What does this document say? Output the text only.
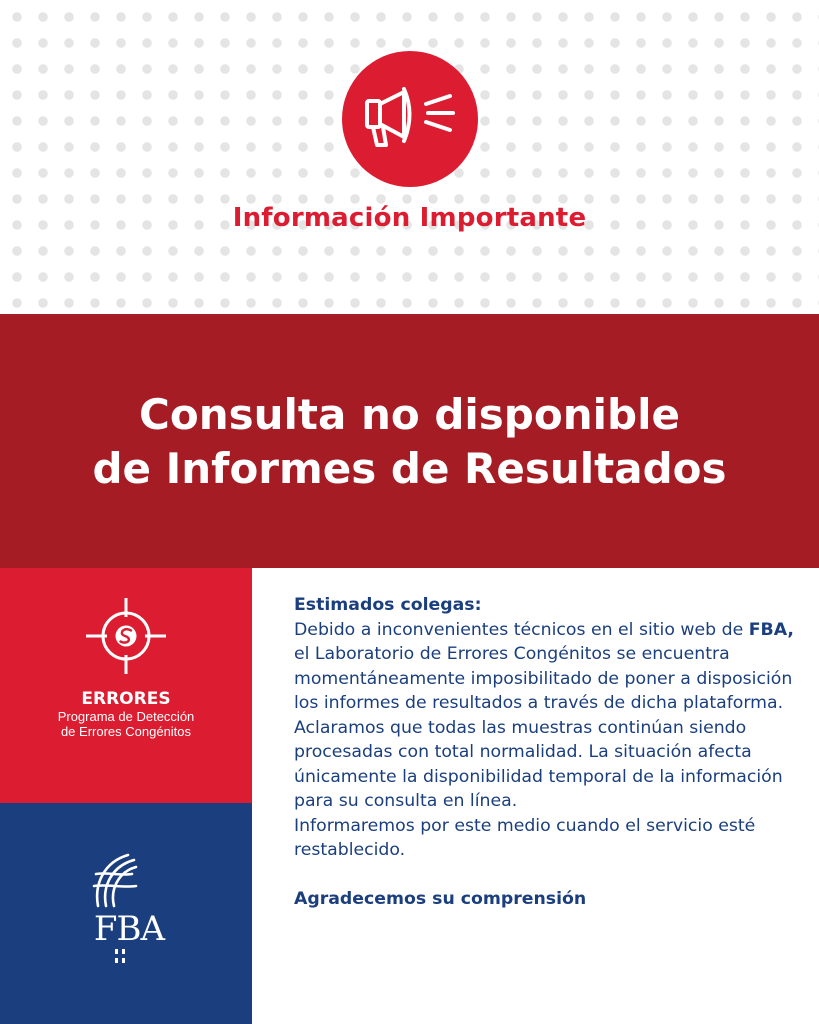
Información Importante
Consulta no disponible
de Informes de Resultados
ERRORES
Programa de Detección
de Errores Congénitos
FBA

Estimados colegas:

Debido a inconvenientes técnicos en el sitio web de FBA, el Laboratorio de Errores Congénitos se encuentra momentáneamente imposibilitado de poner a disposición los informes de resultados a través de dicha plataforma.

Aclaramos que todas las muestras continúan siendo procesadas con total normalidad. La situación afecta únicamente la disponibilidad temporal de la información para su consulta en línea.

Informaremos por este medio cuando el servicio esté restablecido.

Agradecemos su comprensión
